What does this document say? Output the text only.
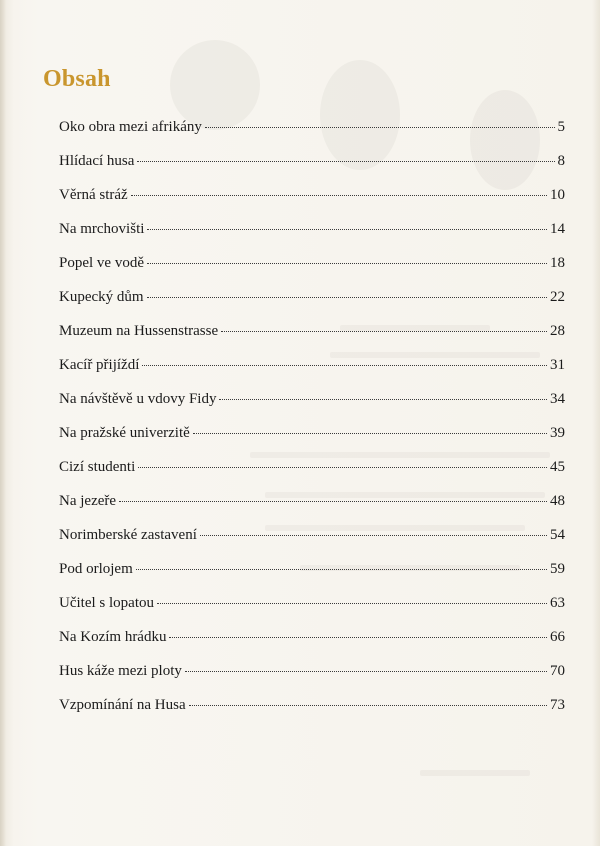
Obsah
Oko obra mezi afrikány	5
Hlídací husa	8
Věrná stráž	10
Na mrchovišti	14
Popel ve vodě	18
Kupecký dům	22
Muzeum na Hussenstrasse	28
Kacíř přijíždí	31
Na návštěvě u vdovy Fidy	34
Na pražské univerzitě	39
Cizí studenti	45
Na jezeře	48
Norimberské zastavení	54
Pod orlojem	59
Učitel s lopatou	63
Na Kozím hrádku	66
Hus káže mezi ploty	70
Vzpomínání na Husa	73
